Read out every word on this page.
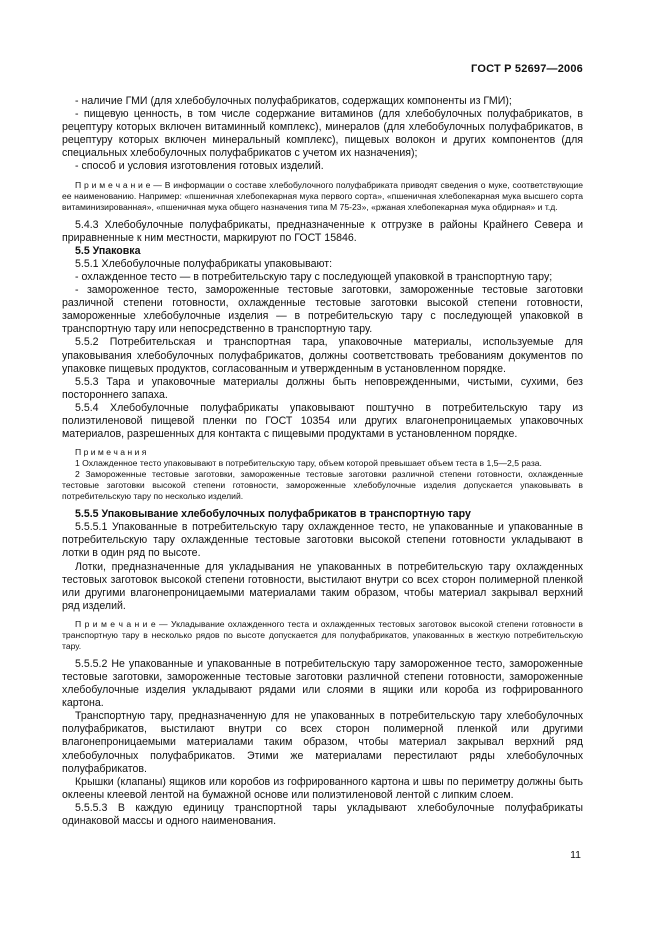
ГОСТ Р 52697—2006

- наличие ГМИ (для хлебобулочных полуфабрикатов, содержащих компоненты из ГМИ);

- пищевую ценность, в том числе содержание витаминов (для хлебобулочных полуфабрикатов, в рецептуру которых включен витаминный комплекс), минералов (для хлебобулочных полуфабрикатов, в рецептуру которых включен минеральный комплекс), пищевых волокон и других компонентов (для специальных хлебобулочных полуфабрикатов с учетом их назначения);

- способ и условия изготовления готовых изделий.

П р и м е ч а н и е — В информации о составе хлебобулочного полуфабриката приводят сведения о муке, соответствующие ее наименованию. Например: «пшеничная хлебопекарная мука первого сорта», «пшеничная хлебопекарная мука высшего сорта витаминизированная», «пшеничная мука общего назначения типа М 75-23», «ржаная хлебопекарная мука обдирная» и т.д.

5.4.3 Хлебобулочные полуфабрикаты, предназначенные к отгрузке в районы Крайнего Севера и приравненные к ним местности, маркируют по ГОСТ 15846.

5.5 Упаковка

5.5.1 Хлебобулочные полуфабрикаты упаковывают:

- охлажденное тесто — в потребительскую тару с последующей упаковкой в транспортную тару;

- замороженное тесто, замороженные тестовые заготовки, замороженные тестовые заготовки различной степени готовности, охлажденные тестовые заготовки высокой степени готовности, замороженные хлебобулочные изделия — в потребительскую тару с последующей упаковкой в транспортную тару или непосредственно в транспортную тару.

5.5.2 Потребительская и транспортная тара, упаковочные материалы, используемые для упаковывания хлебобулочных полуфабрикатов, должны соответствовать требованиям документов по упаковке пищевых продуктов, согласованным и утвержденным в установленном порядке.

5.5.3 Тара и упаковочные материалы должны быть неповрежденными, чистыми, сухими, без постороннего запаха.

5.5.4 Хлебобулочные полуфабрикаты упаковывают поштучно в потребительскую тару из полиэтиленовой пищевой пленки по ГОСТ 10354 или других влагонепроницаемых упаковочных материалов, разрешенных для контакта с пищевыми продуктами в установленном порядке.

П р и м е ч а н и я

1 Охлажденное тесто упаковывают в потребительскую тару, объем которой превышает объем теста в 1,5—2,5 раза.

2 Замороженные тестовые заготовки, замороженные тестовые заготовки различной степени готовности, охлажденные тестовые заготовки высокой степени готовности, замороженные хлебобулочные изделия допускается упаковывать в потребительскую тару по несколько изделий.

5.5.5 Упаковывание хлебобулочных полуфабрикатов в транспортную тару

5.5.5.1 Упакованные в потребительскую тару охлажденное тесто, не упакованные и упакованные в потребительскую тару охлажденные тестовые заготовки высокой степени готовности укладывают в лотки в один ряд по высоте.

Лотки, предназначенные для укладывания не упакованных в потребительскую тару охлажденных тестовых заготовок высокой степени готовности, выстилают внутри со всех сторон полимерной пленкой или другими влагонепроницаемыми материалами таким образом, чтобы материал закрывал верхний ряд изделий.

П р и м е ч а н и е — Укладывание охлажденного теста и охлажденных тестовых заготовок высокой степени готовности в транспортную тару в несколько рядов по высоте допускается для полуфабрикатов, упакованных в жесткую потребительскую тару.

5.5.5.2 Не упакованные и упакованные в потребительскую тару замороженное тесто, замороженные тестовые заготовки, замороженные тестовые заготовки различной степени готовности, замороженные хлебобулочные изделия укладывают рядами или слоями в ящики или короба из гофрированного картона.

Транспортную тару, предназначенную для не упакованных в потребительскую тару хлебобулочных полуфабрикатов, выстилают внутри со всех сторон полимерной пленкой или другими влагонепроницаемыми материалами таким образом, чтобы материал закрывал верхний ряд хлебобулочных полуфабрикатов. Этими же материалами перестилают ряды хлебобулочных полуфабрикатов.

Крышки (клапаны) ящиков или коробов из гофрированного картона и швы по периметру должны быть оклеены клеевой лентой на бумажной основе или полиэтиленовой лентой с липким слоем.

5.5.5.3 В каждую единицу транспортной тары укладывают хлебобулочные полуфабрикаты одинаковой массы и одного наименования.

11
